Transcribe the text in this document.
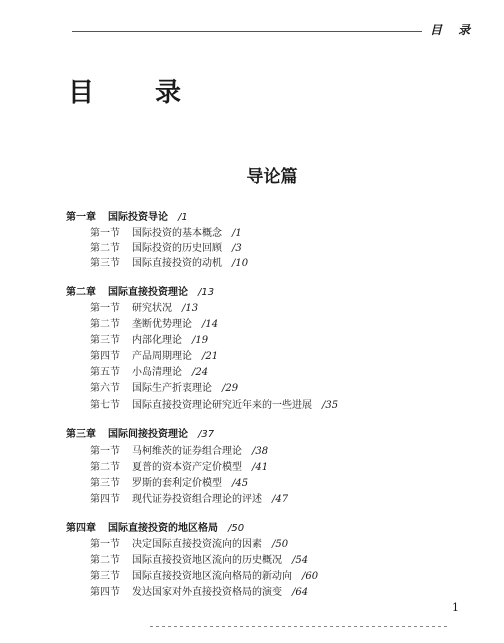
目 录
目 录
导论篇
第一章 国际投资导论 /1
第一节 国际投资的基本概念 /1
第二节 国际投资的历史回顾 /3
第三节 国际直接投资的动机 /10
第二章 国际直接投资理论 /13
第一节 研究状况 /13
第二节 垄断优势理论 /14
第三节 内部化理论 /19
第四节 产品周期理论 /21
第五节 小岛清理论 /24
第六节 国际生产折衷理论 /29
第七节 国际直接投资理论研究近年来的一些进展 /35
第三章 国际间接投资理论 /37
第一节 马柯维茨的证券组合理论 /38
第二节 夏普的资本资产定价模型 /41
第三节 罗斯的套利定价模型 /45
第四节 现代证券投资组合理论的评述 /47
第四章 国际直接投资的地区格局 /50
第一节 决定国际直接投资流向的因素 /50
第二节 国际直接投资地区流向的历史概况 /54
第三节 国际直接投资地区流向格局的新动向 /60
第四节 发达国家对外直接投资格局的演变 /64
1
